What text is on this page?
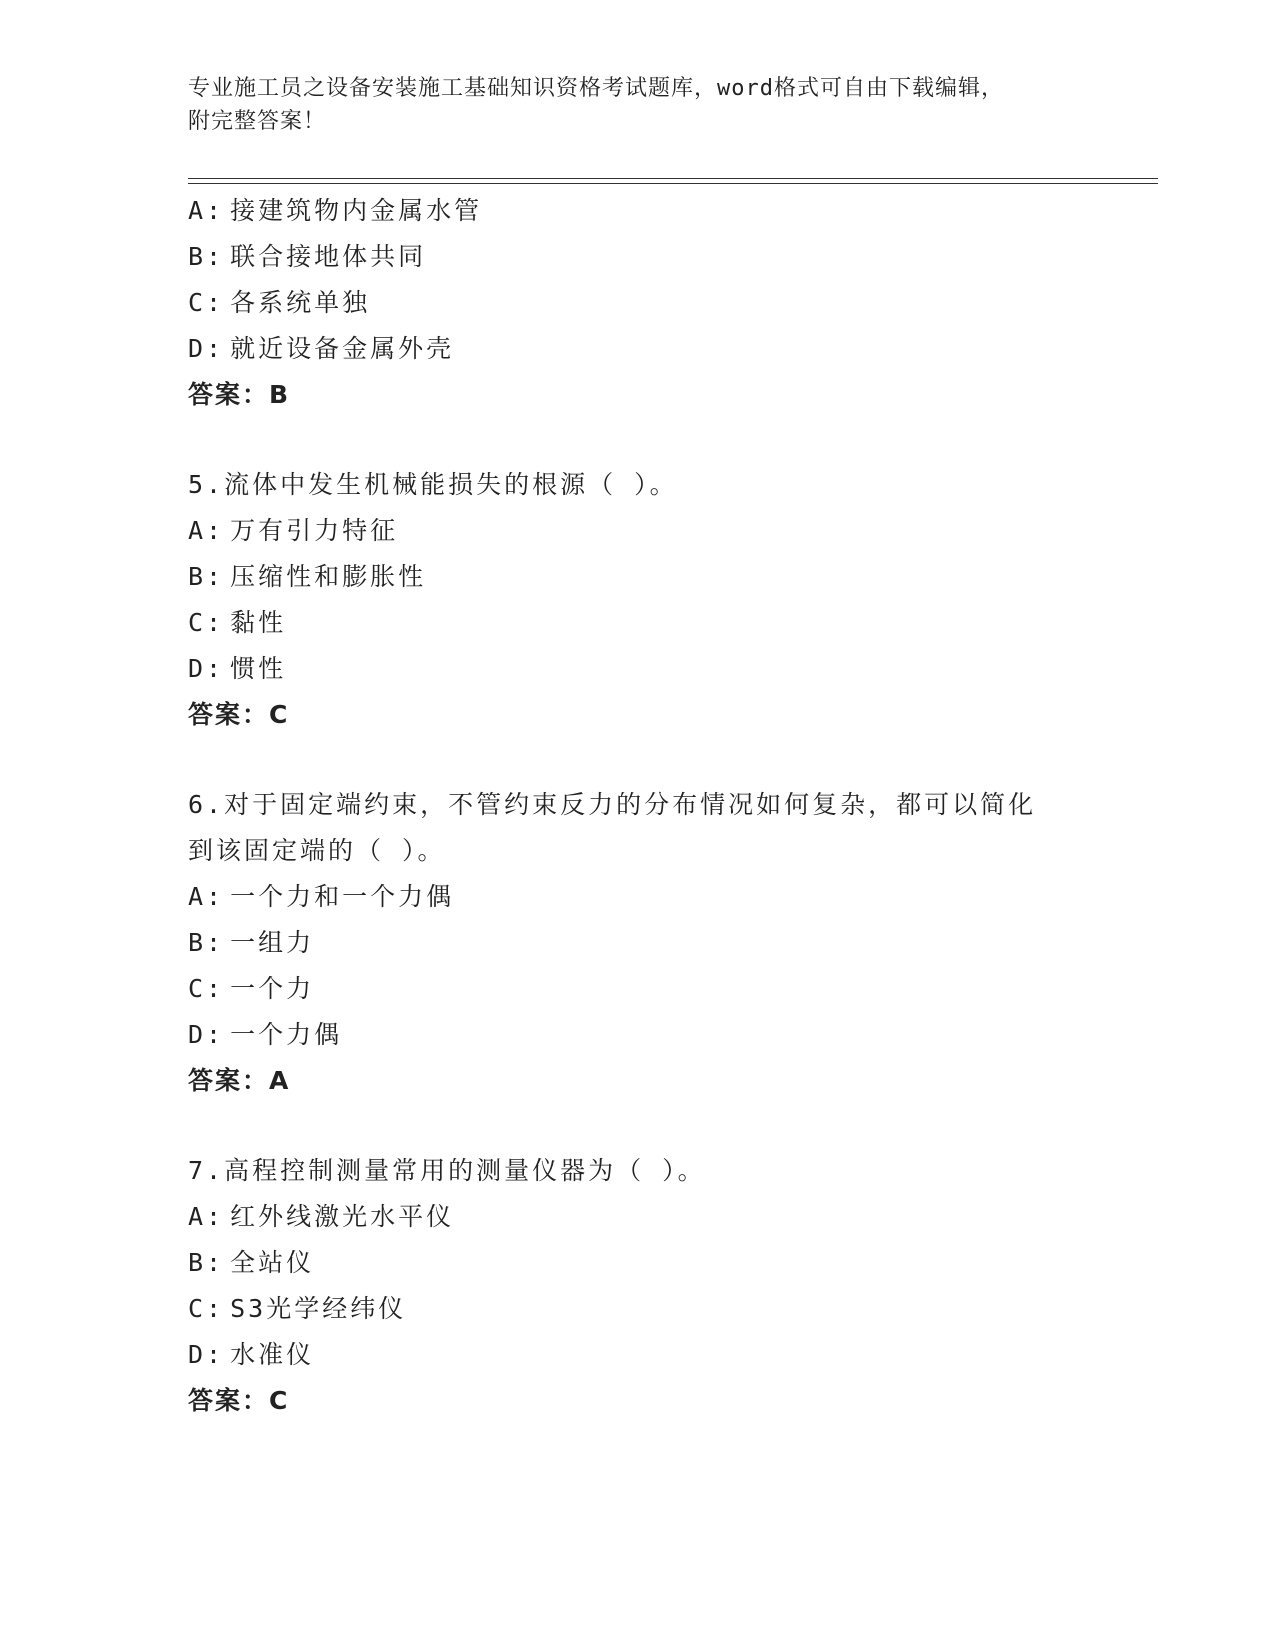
专业施工员之设备安装施工基础知识资格考试题库，word格式可自由下载编辑，
附完整答案！
A: 接建筑物内金属水管
B: 联合接地体共同
C: 各系统单独
D: 就近设备金属外壳
答案：B
5.流体中发生机械能损失的根源（ ）。
A: 万有引力特征
B: 压缩性和膨胀性
C: 黏性
D: 惯性
答案：C
6.对于固定端约束，不管约束反力的分布情况如何复杂，都可以简化
到该固定端的（ ）。
A: 一个力和一个力偶
B: 一组力
C: 一个力
D: 一个力偶
答案：A
7.高程控制测量常用的测量仪器为（ ）。
A: 红外线激光水平仪
B: 全站仪
C: S3光学经纬仪
D: 水准仪
答案：C
